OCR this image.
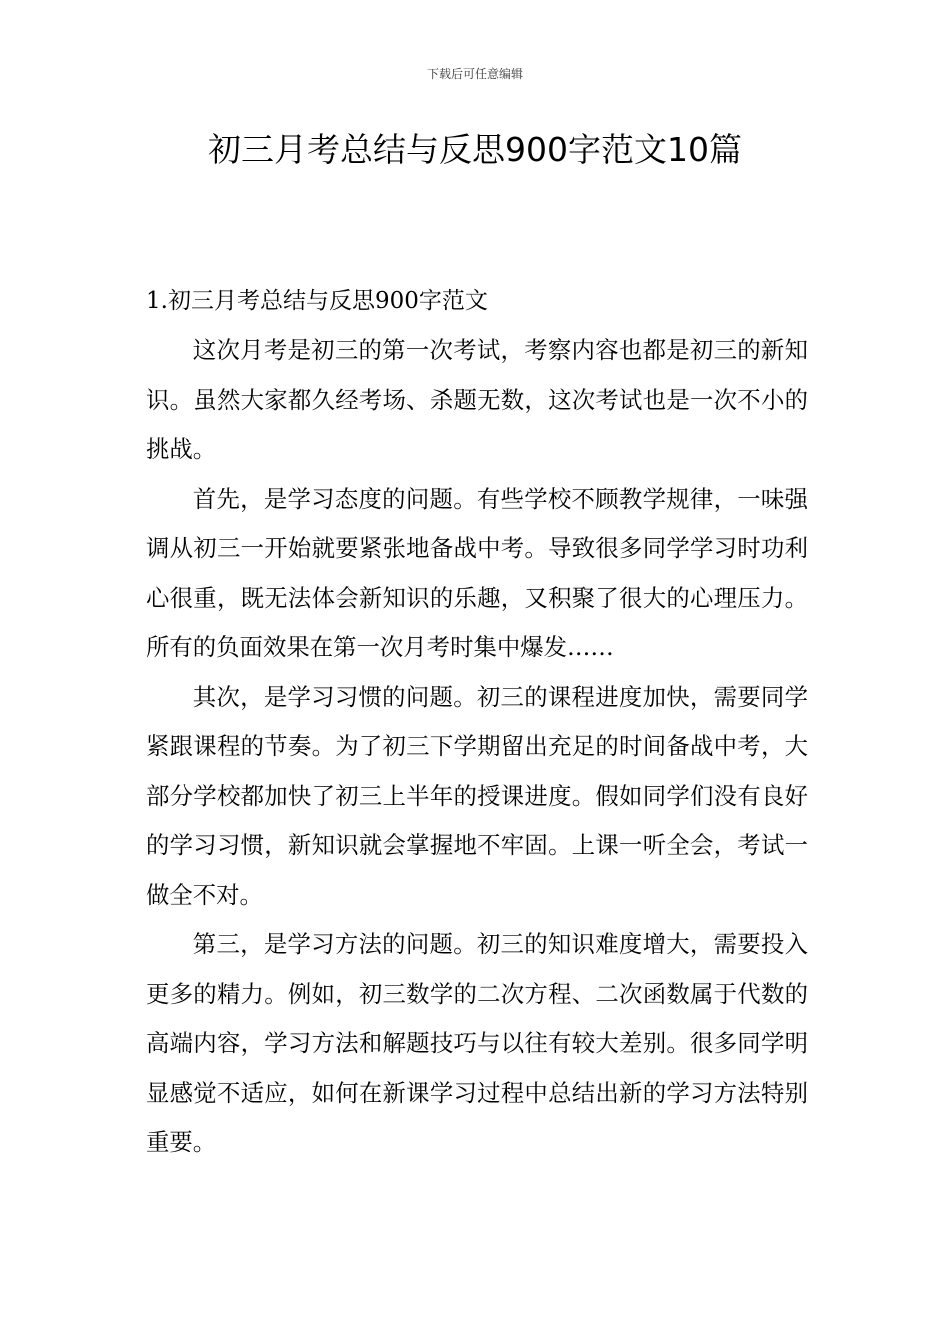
下载后可任意编辑
初三月考总结与反思900字范文10篇
1.初三月考总结与反思900字范文

这次月考是初三的第一次考试，考察内容也都是初三的新知识。虽然大家都久经考场、杀题无数，这次考试也是一次不小的挑战。

首先，是学习态度的问题。有些学校不顾教学规律，一味强调从初三一开始就要紧张地备战中考。导致很多同学学习时功利心很重，既无法体会新知识的乐趣，又积聚了很大的心理压力。所有的负面效果在第一次月考时集中爆发……

其次，是学习习惯的问题。初三的课程进度加快，需要同学紧跟课程的节奏。为了初三下学期留出充足的时间备战中考，大部分学校都加快了初三上半年的授课进度。假如同学们没有良好的学习习惯，新知识就会掌握地不牢固。上课一听全会，考试一做全不对。

第三，是学习方法的问题。初三的知识难度增大，需要投入更多的精力。例如，初三数学的二次方程、二次函数属于代数的高端内容，学习方法和解题技巧与以往有较大差别。很多同学明显感觉不适应，如何在新课学习过程中总结出新的学习方法特别重要。
